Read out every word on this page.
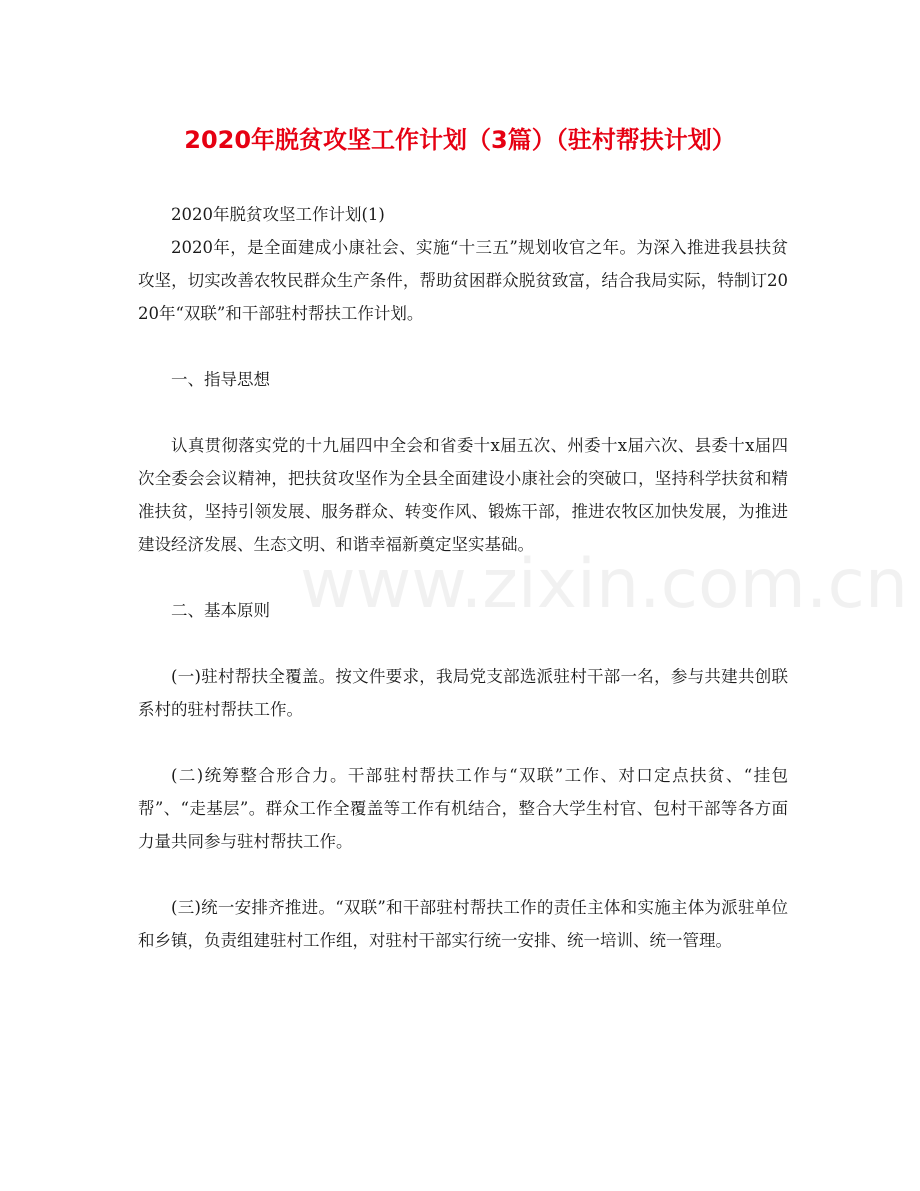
www.zixin.com.cn
2020年脱贫攻坚工作计划（3篇）（驻村帮扶计划）

2020年脱贫攻坚工作计划(1)

2020年，是全面建成小康社会、实施“十三五”规划收官之年。为深入推进我县扶贫攻坚，切实改善农牧民群众生产条件，帮助贫困群众脱贫致富，结合我局实际，特制订2020年“双联”和干部驻村帮扶工作计划。

一、指导思想

认真贯彻落实党的十九届四中全会和省委十x届五次、州委十x届六次、县委十x届四次全委会会议精神，把扶贫攻坚作为全县全面建设小康社会的突破口，坚持科学扶贫和精准扶贫，坚持引领发展、服务群众、转变作风、锻炼干部，推进农牧区加快发展，为推进建设经济发展、生态文明、和谐幸福新奠定坚实基础。

二、基本原则

(一)驻村帮扶全覆盖。按文件要求，我局党支部选派驻村干部一名，参与共建共创联系村的驻村帮扶工作。

(二)统筹整合形合力。干部驻村帮扶工作与“双联”工作、对口定点扶贫、“挂包帮”、“走基层”。群众工作全覆盖等工作有机结合，整合大学生村官、包村干部等各方面力量共同参与驻村帮扶工作。

(三)统一安排齐推进。“双联”和干部驻村帮扶工作的责任主体和实施主体为派驻单位和乡镇，负责组建驻村工作组，对驻村干部实行统一安排、统一培训、统一管理。
